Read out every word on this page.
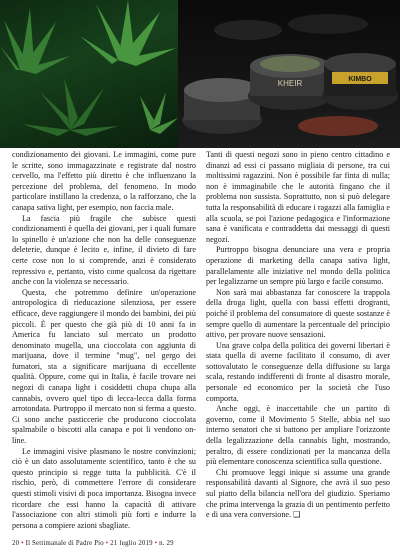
KHEIR	KIMBO

condizionamento dei giovani. Le immagini, come pure le scritte, sono immagazzinate e registrate dal nostro cervello, ma l'effetto più diretto è che influenzano la percezione del problema, del fenomeno. In modo particolare instillano la credenza, o la rafforzano, che la canapa sativa light, per esempio, non faccia male.

La fascia più fragile che subisce questi condizionamenti è quella dei giovani, per i quali fumare lo spinello è un'azione che non ha delle conseguenze deleterie, dunque è lecito e, infine, il divieto di fare certe cose non lo si comprende, anzi è considerato repressivo e, pertanto, visto come qualcosa da rigettare anche con la violenza se necessario.

Questa, che potremmo definire un'operazione antropologica di rieducazione silenziosa, per essere efficace, deve raggiungere il mondo dei bambini, dei più piccoli. È per questo che già più di 10 anni fa in America fu lanciato sul mercato un prodotto denominato mugella, una cioccolata con aggiunta di marijuana, dove il termine "mug", nel gergo dei fumatori, sta a significare marijuana di eccellente qualità. Oppure, come qui in Italia, è facile trovare nei negozi di canapa light i cosiddetti chupa chupa alla cannabis, ovvero quel tipo di lecca-lecca dalla forma arrotondata. Purtroppo il mercato non si ferma a questo. Ci sono anche pasticcerie che producono cioccolata spalmabile o biscotti alla canapa e poi li vendono on-line.

Le immagini visive plasmano le nostre convinzioni; ciò è un dato assolutamente scientifico, tanto è che su questo principio si regge tutta la pubblicità. C'è il rischio, però, di commettere l'errore di considerare questi stimoli visivi di poca importanza. Bisogna invece ricordare che essi hanno la capacità di attivare l'associazione con altri stimoli più forti e indurre la persona a compiere azioni sbagliate.

Tanti di questi negozi sono in pieno centro cittadino e dinanzi ad essi ci passano migliaia di persone, tra cui moltissimi ragazzini. Non è possibile far finta di nulla; non è immaginabile che le autorità fingano che il problema non sussista. Soprattutto, non si può delegare tutta la responsabilità di educare i ragazzi alla famiglia e alla scuola, se poi l'azione pedagogica e l'informazione sana è vanificata e contraddetta dai messaggi di questi negozi.

Purtroppo bisogna denunciare una vera e propria operazione di marketing della canapa sativa light, parallelamente alle iniziative nel mondo della politica per legalizzarne un sempre più largo e facile consumo.

Non sarà mai abbastanza far conoscere la trappola della droga light, quella con bassi effetti drogranti, poiché il problema del consumatore di queste sostanze è sempre quello di aumentare la percentuale del principio attivo, per provare nuove sensazioni.

Una grave colpa della politica dei governi libertari è stata quella di averne facilitato il consumo, di aver sottovalutato le conseguenze della diffusione su larga scala, restando indifferenti di fronte al disastro morale, personale ed economico per la società che l'uso comporta.

Anche oggi, è inaccettabile che un partito di governo, come il Movimento 5 Stelle, abbia nel suo interno senatori che si battono per ampliare l'orizzonte della legalizzazione della cannabis light, mostrando, peraltro, di essere condizionati per la mancanza della più elementare conoscenza scientifica sulla questione.

Chi promuove leggi inique si assume una grande responsabilità davanti al Signore, che avrà il suo peso sul piatto della bilancia nell'ora del giudizio. Speriamo che prima intervenga la grazia di un pentimento perfetto e di una vera conversione. ❑

20 • Il Settimanale di Padre Pio • 21 luglio 2019 • n. 29
